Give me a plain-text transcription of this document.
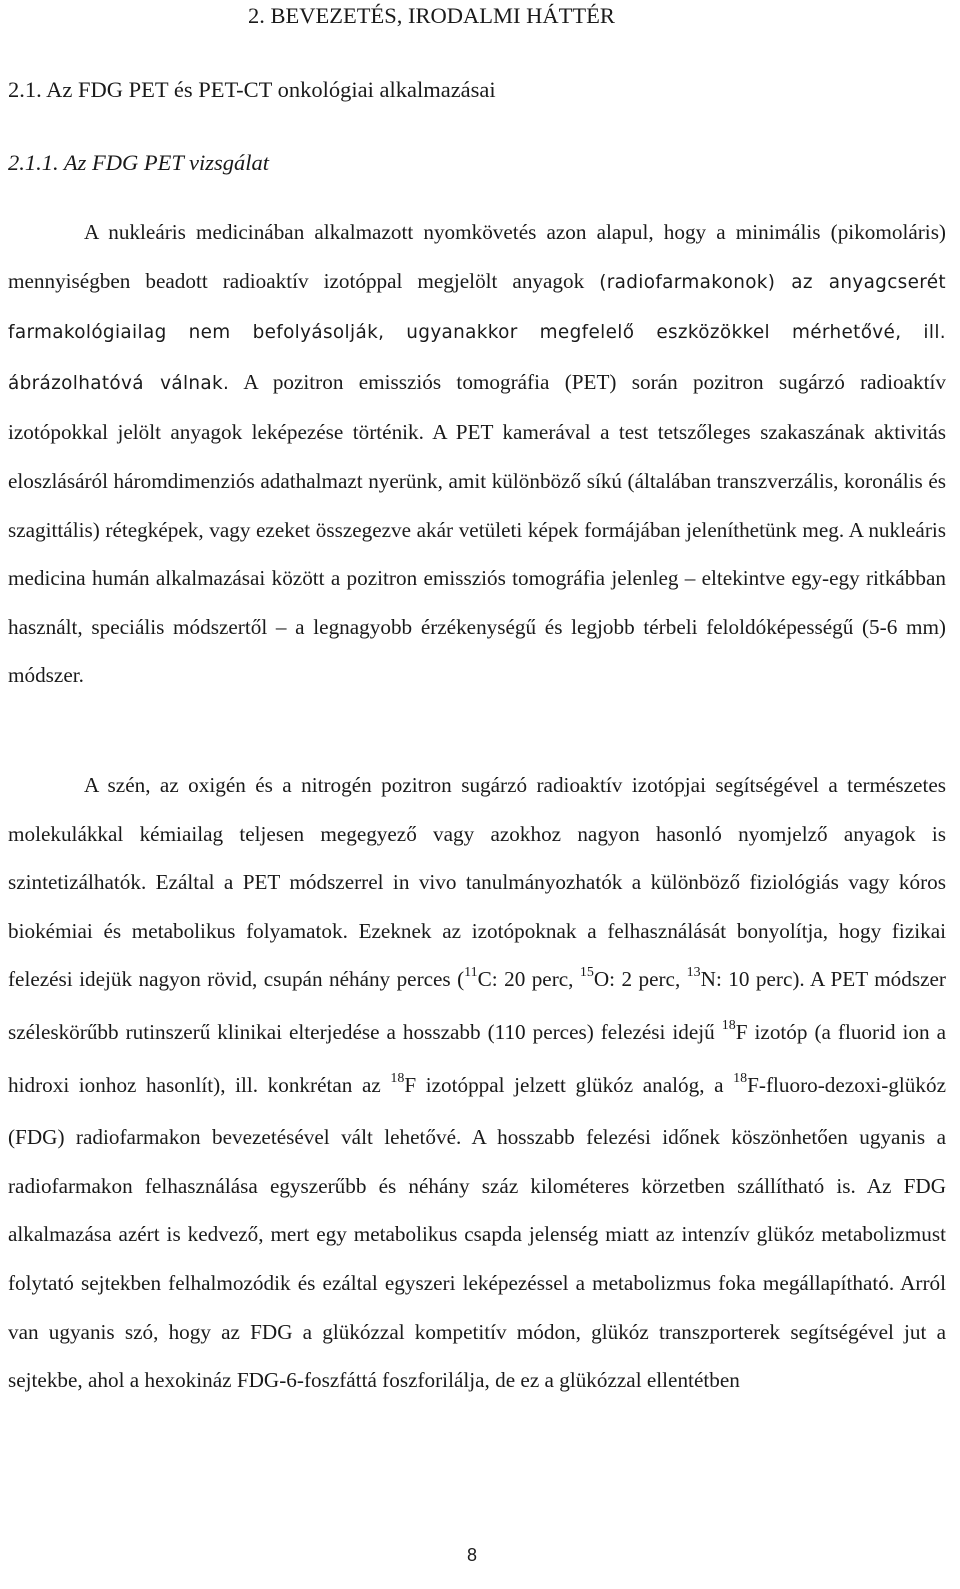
2. BEVEZETÉS, IRODALMI HÁTTÉR
2.1. Az FDG PET és PET-CT onkológiai alkalmazásai
2.1.1. Az FDG PET vizsgálat

A nukleáris medicinában alkalmazott nyomkövetés azon alapul, hogy a minimális (pikomoláris) mennyiségben beadott radioaktív izotóppal megjelölt anyagok (radiofarmakonok) az anyagcserét farmakológiailag nem befolyásolják, ugyanakkor megfelelő eszközökkel mérhetővé, ill. ábrázolhatóvá válnak. A pozitron emissziós tomográfia (PET) során pozitron sugárzó radioaktív izotópokkal jelölt anyagok leképezése történik. A PET kamerával a test tetszőleges szakaszának aktivitás eloszlásáról háromdimenziós adathalmazt nyerünk, amit különböző síkú (általában transzverzális, koronális és szagittális) rétegképek, vagy ezeket összegezve akár vetületi képek formájában jeleníthetünk meg. A nukleáris medicina humán alkalmazásai között a pozitron emissziós tomográfia jelenleg – eltekintve egy-egy ritkábban használt, speciális módszertől – a legnagyobb érzékenységű és legjobb térbeli feloldóképességű (5-6 mm) módszer.

A szén, az oxigén és a nitrogén pozitron sugárzó radioaktív izotópjai segítségével a természetes molekulákkal kémiailag teljesen megegyező vagy azokhoz nagyon hasonló nyomjelző anyagok is szintetizálhatók. Ezáltal a PET módszerrel in vivo tanulmányozhatók a különböző fiziológiás vagy kóros biokémiai és metabolikus folyamatok. Ezeknek az izotópoknak a felhasználását bonyolítja, hogy fizikai felezési idejük nagyon rövid, csupán néhány perces ($^{11}$C: 20 perc, $^{15}$O: 2 perc, $^{13}$N: 10 perc). A PET módszer széleskörűbb rutinszerű klinikai elterjedése a hosszabb (110 perces) felezési idejű $^{18}$F izotóp (a fluorid ion a hidroxi ionhoz hasonlít), ill. konkrétan az $^{18}$F izotóppal jelzett glükóz analóg, a $^{18}$F-fluoro-dezoxi-glükóz (FDG) radiofarmakon bevezetésével vált lehetővé. A hosszabb felezési időnek köszönhetően ugyanis a radiofarmakon felhasználása egyszerűbb és néhány száz kilométeres körzetben szállítható is. Az FDG alkalmazása azért is kedvező, mert egy metabolikus csapda jelenség miatt az intenzív glükóz metabolizmust folytató sejtekben felhalmozódik és ezáltal egyszeri leképezéssel a metabolizmus foka megállapítható. Arról van ugyanis szó, hogy az FDG a glükózzal kompetitív módon, glükóz transzporterek segítségével jut a sejtekbe, ahol a hexokináz FDG-6-foszfáttá foszforilálja, de ez a glükózzal ellentétben

8
